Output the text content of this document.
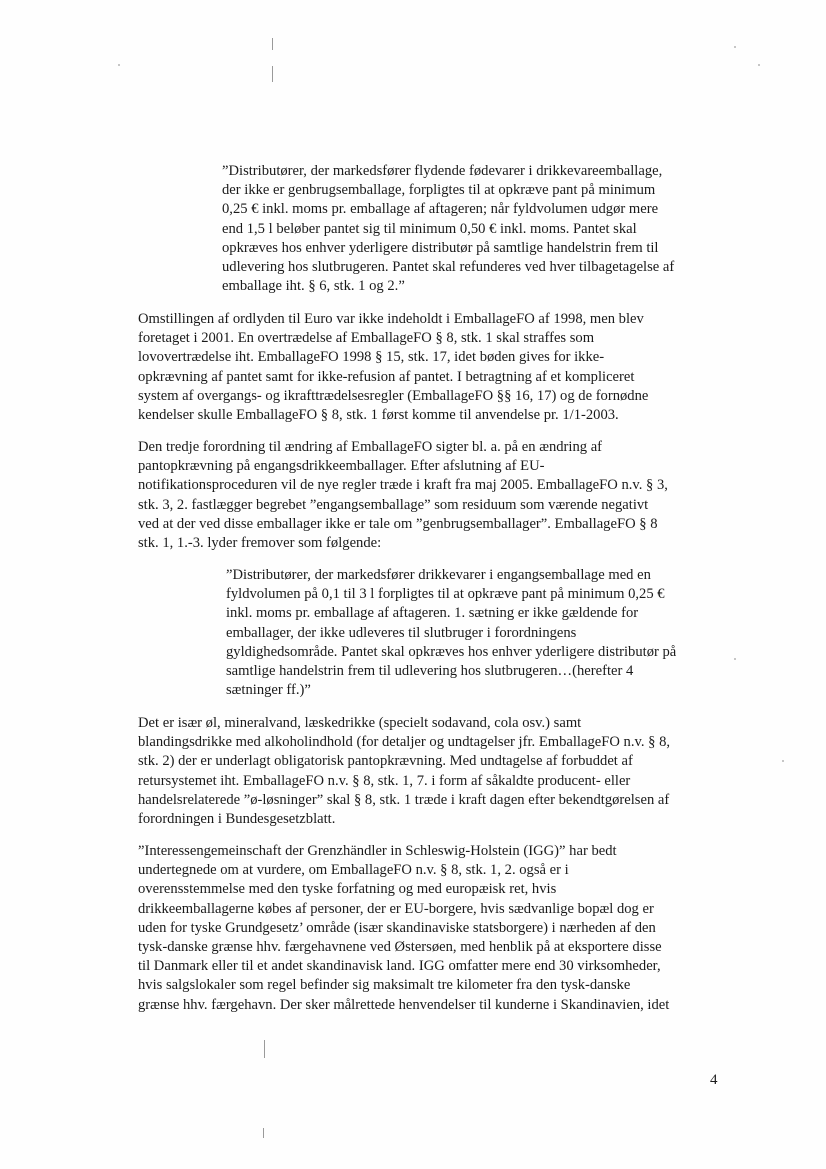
”Distributører, der markedsfører flydende fødevarer i drikkevareemballage,
der ikke er genbrugsemballage, forpligtes til at opkræve pant på minimum
0,25 € inkl. moms pr. emballage af aftageren; når fyldvolumen udgør mere
end 1,5 l beløber pantet sig til minimum 0,50 € inkl. moms. Pantet skal
opkræves hos enhver yderligere distributør på samtlige handelstrin frem til
udlevering hos slutbrugeren. Pantet skal refunderes ved hver tilbagetagelse af
emballage iht. § 6, stk. 1 og 2.”

Omstillingen af ordlyden til Euro var ikke indeholdt i EmballageFO af 1998, men blev
foretaget i 2001. En overtrædelse af EmballageFO § 8, stk. 1 skal straffes som
lovovertrædelse iht. EmballageFO 1998 § 15, stk. 17, idet bøden gives for ikke-
opkrævning af pantet samt for ikke-refusion af pantet. I betragtning af et kompliceret
system af overgangs- og ikrafttrædelsesregler (EmballageFO §§ 16, 17) og de fornødne
kendelser skulle EmballageFO § 8, stk. 1 først komme til anvendelse pr. 1/1-2003.

Den tredje forordning til ændring af EmballageFO sigter bl. a. på en ændring af
pantopkrævning på engangsdrikkeemballager. Efter afslutning af EU-
notifikationsproceduren vil de nye regler træde i kraft fra maj 2005. EmballageFO n.v. § 3,
stk. 3, 2. fastlægger begrebet ”engangsemballage” som residuum som værende negativt
ved at der ved disse emballager ikke er tale om ”genbrugsemballager”. EmballageFO § 8
stk. 1, 1.-3. lyder fremover som følgende:

”Distributører, der markedsfører drikkevarer i engangsemballage med en
fyldvolumen på 0,1 til 3 l forpligtes til at opkræve pant på minimum 0,25 €
inkl. moms pr. emballage af aftageren. 1. sætning er ikke gældende for
emballager, der ikke udleveres til slutbruger i forordningens
gyldighedsområde. Pantet skal opkræves hos enhver yderligere distributør på
samtlige handelstrin frem til udlevering hos slutbrugeren…(herefter 4
sætninger ff.)”

Det er især øl, mineralvand, læskedrikke (specielt sodavand, cola osv.) samt
blandingsdrikke med alkoholindhold (for detaljer og undtagelser jfr. EmballageFO n.v. § 8,
stk. 2) der er underlagt obligatorisk pantopkrævning. Med undtagelse af forbuddet af
retursystemet iht. EmballageFO n.v. § 8, stk. 1, 7. i form af såkaldte producent- eller
handelsrelaterede ”ø-løsninger” skal § 8, stk. 1 træde i kraft dagen efter bekendtgørelsen af
forordningen i Bundesgesetzblatt.

”Interessengemeinschaft der Grenzhändler in Schleswig-Holstein (IGG)” har bedt
undertegnede om at vurdere, om EmballageFO n.v. § 8, stk. 1, 2. også er i
overensstemmelse med den tyske forfatning og med europæisk ret, hvis
drikkeemballagerne købes af personer, der er EU-borgere, hvis sædvanlige bopæl dog er
uden for tyske Grundgesetz’ område (især skandinaviske statsborgere) i nærheden af den
tysk-danske grænse hhv. færgehavnene ved Østersøen, med henblik på at eksportere disse
til Danmark eller til et andet skandinavisk land. IGG omfatter mere end 30 virksomheder,
hvis salgslokaler som regel befinder sig maksimalt tre kilometer fra den tysk-danske
grænse hhv. færgehavn. Der sker målrettede henvendelser til kunderne i Skandinavien, idet

4
